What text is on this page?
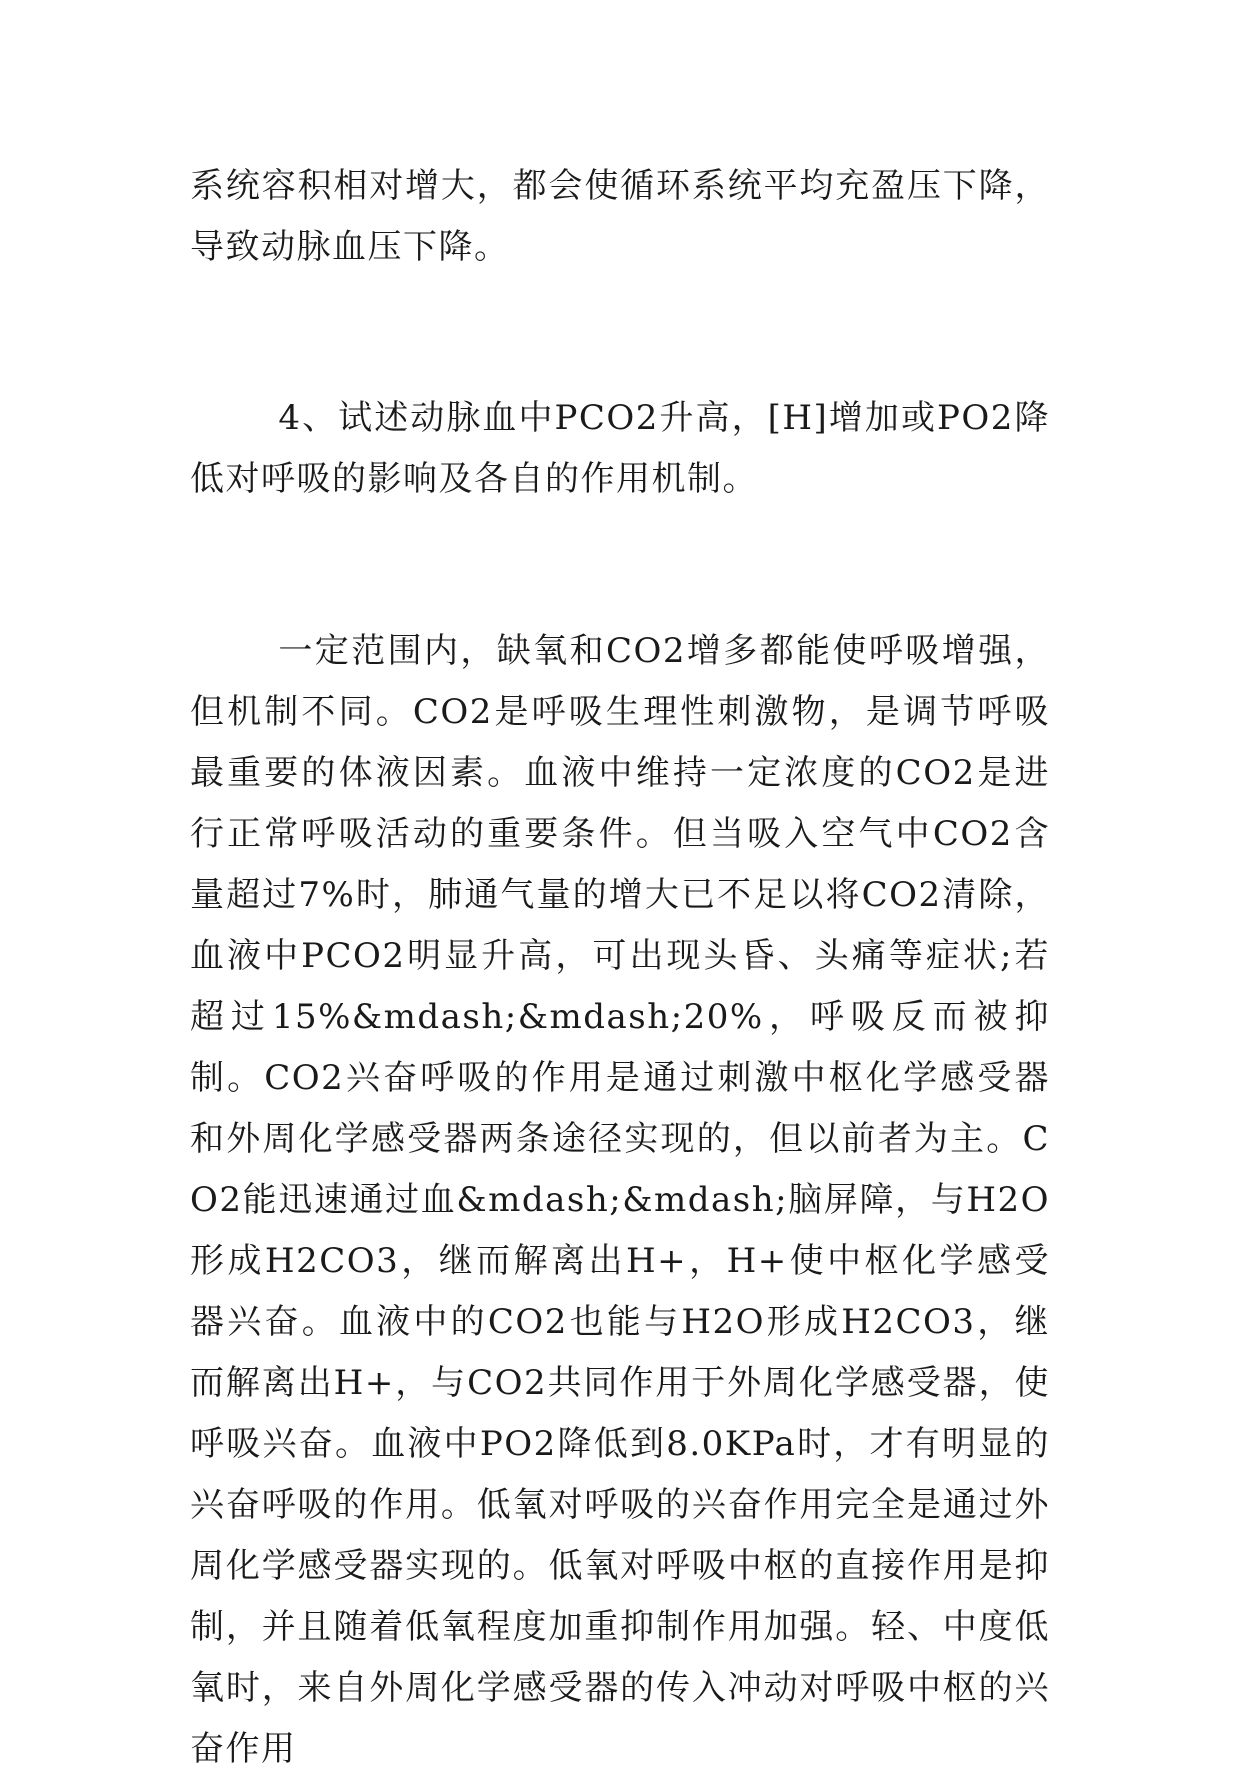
系统容积相对增大，都会使循环系统平均充盈压下降，导致动脉血压下降。

4、试述动脉血中PCO2升高，[H]增加或PO2降低对呼吸的影响及各自的作用机制。

一定范围内，缺氧和CO2增多都能使呼吸增强，但机制不同。CO2是呼吸生理性刺激物，是调节呼吸最重要的体液因素。血液中维持一定浓度的CO2是进行正常呼吸活动的重要条件。但当吸入空气中CO2含量超过7%时，肺通气量的增大已不足以将CO2清除，血液中PCO2明显升高，可出现头昏、头痛等症状;若超过15%&mdash;&mdash;20%，呼吸反而被抑制。CO2兴奋呼吸的作用是通过刺激中枢化学感受器和外周化学感受器两条途径实现的，但以前者为主。CO2能迅速通过血&mdash;&mdash;脑屏障，与H2O形成H2CO3，继而解离出H+，H+使中枢化学感受器兴奋。血液中的CO2也能与H2O形成H2CO3，继而解离出H+，与CO2共同作用于外周化学感受器，使呼吸兴奋。血液中PO2降低到8.0KPa时，才有明显的兴奋呼吸的作用。低氧对呼吸的兴奋作用完全是通过外周化学感受器实现的。低氧对呼吸中枢的直接作用是抑制，并且随着低氧程度加重抑制作用加强。轻、中度低氧时，来自外周化学感受器的传入冲动对呼吸中枢的兴奋作用
